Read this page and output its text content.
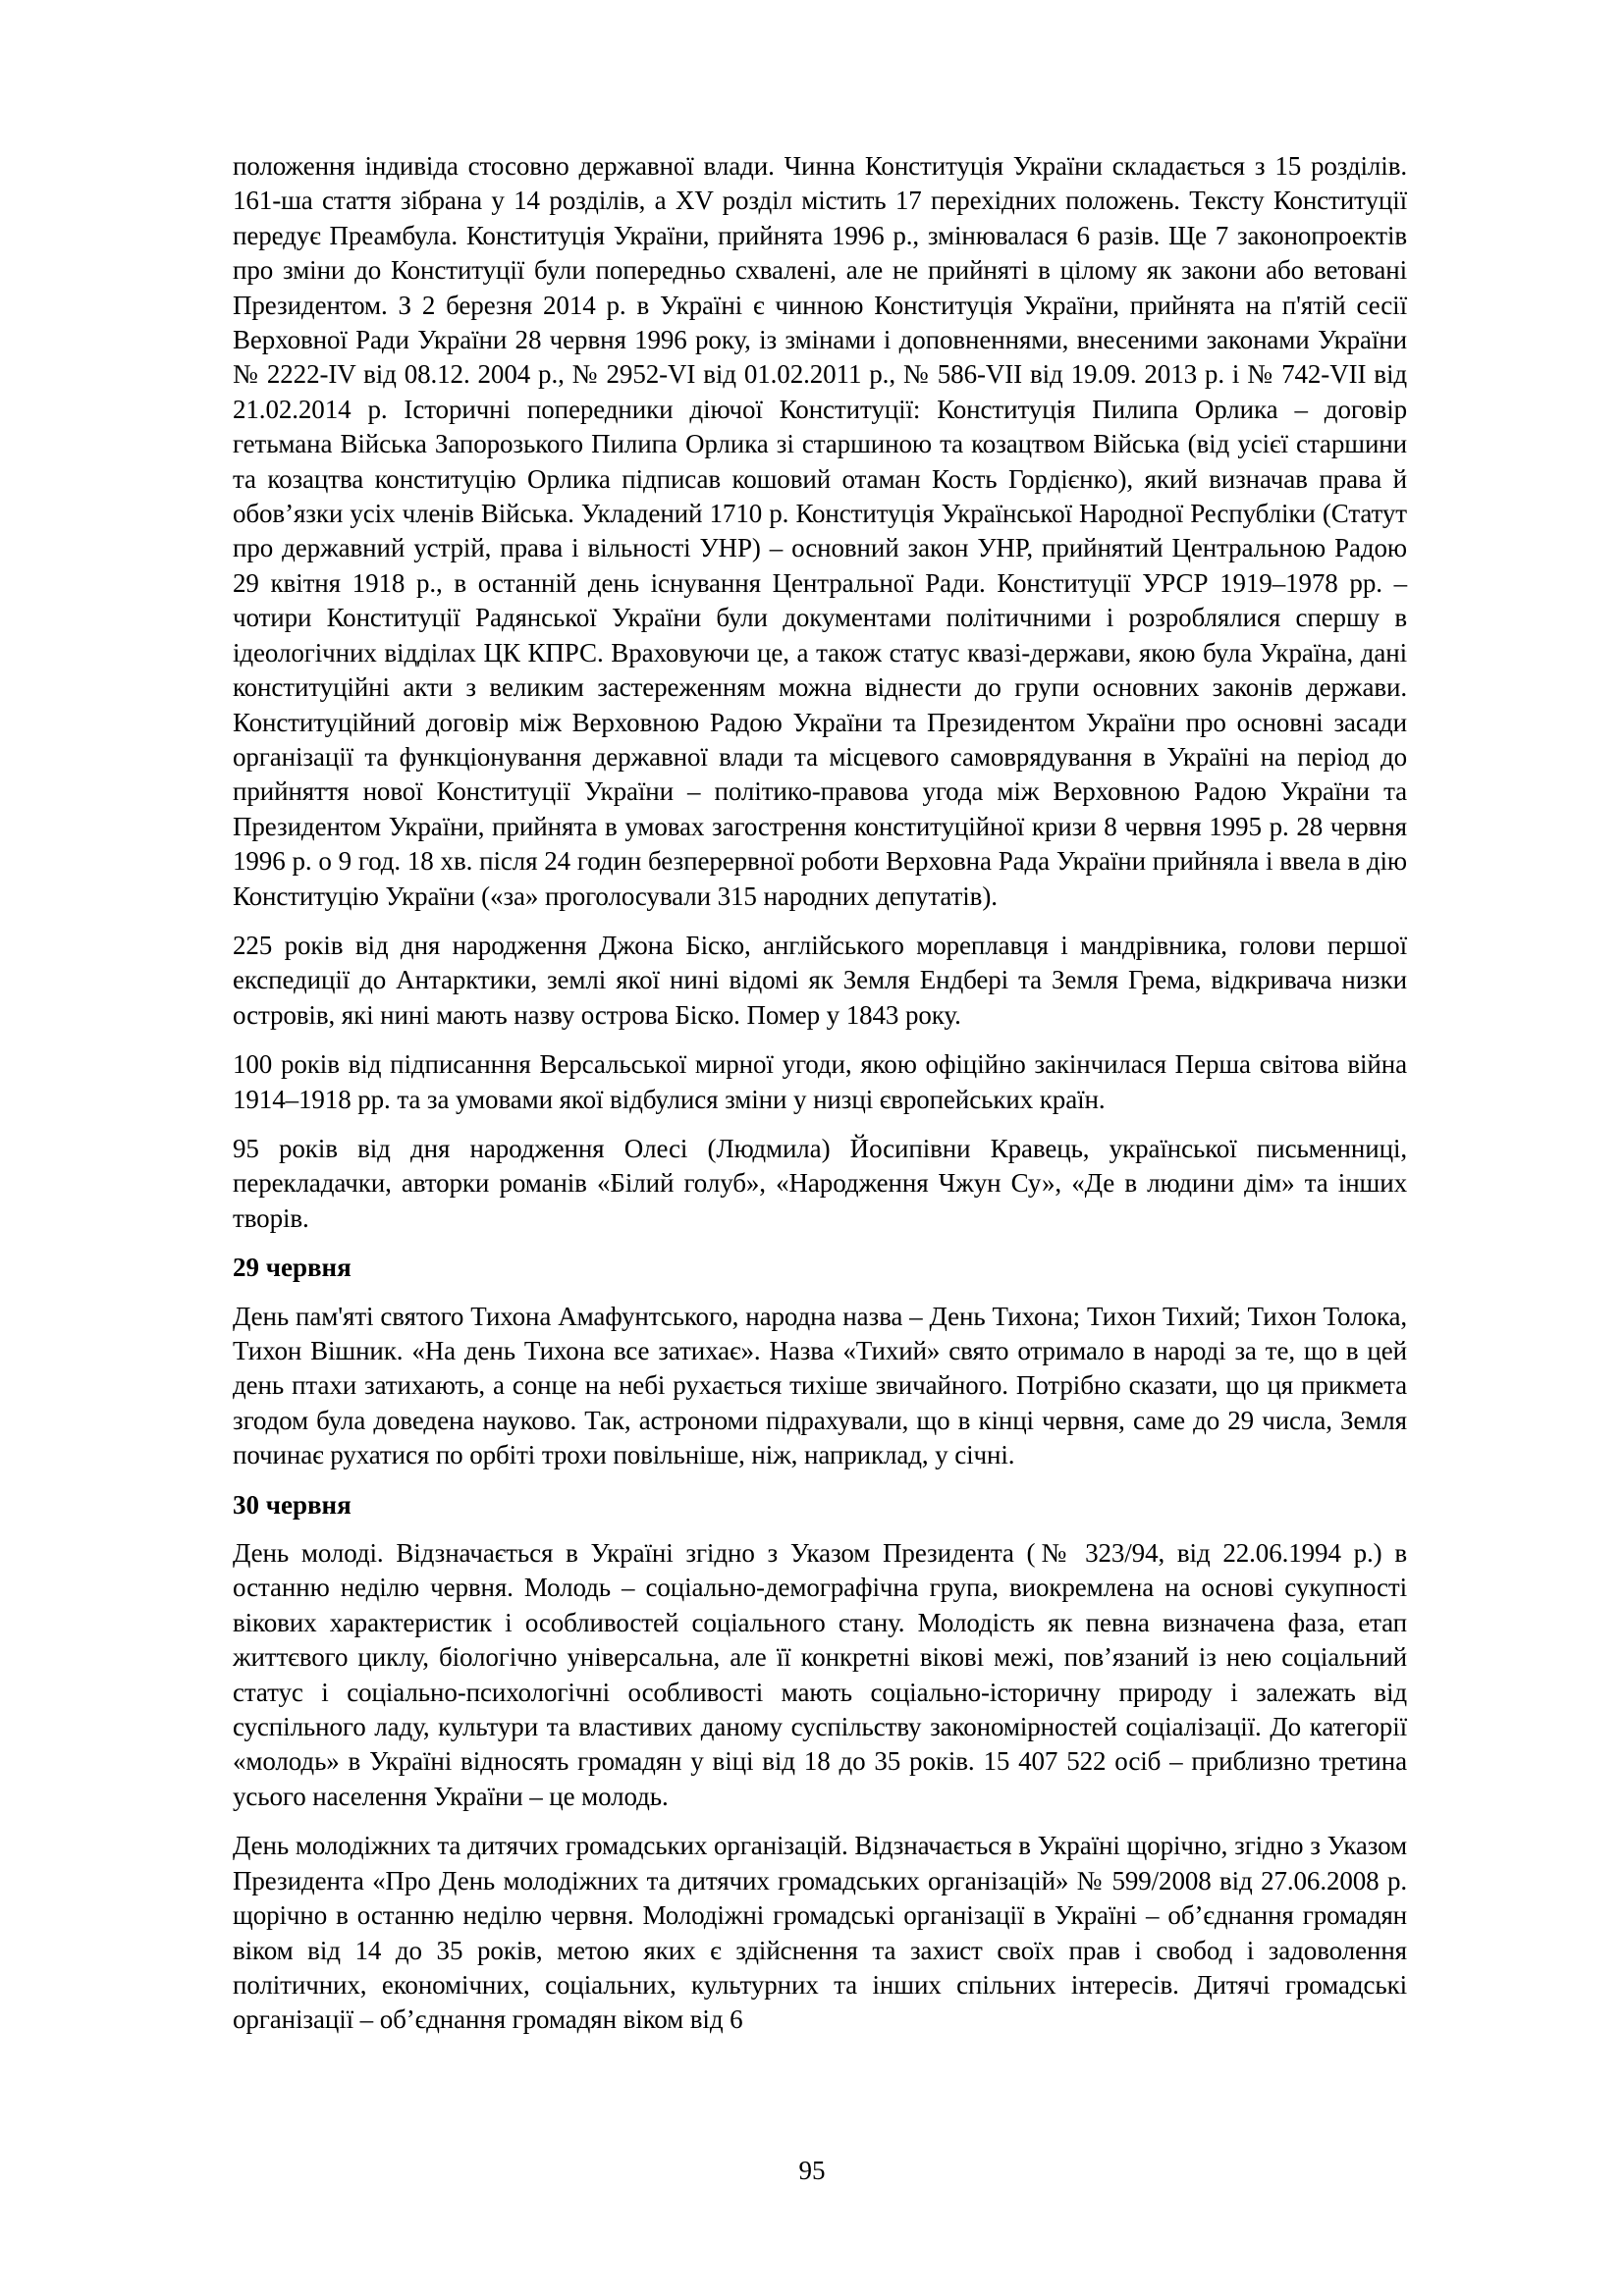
положення індивіда стосовно державної влади. Чинна Конституція України складається з 15 розділів. 161-ша стаття зібрана у 14 розділів, а XV розділ містить 17 перехідних положень. Тексту Конституції передує Преамбула. Конституція України, прийнята 1996 р., змінювалася 6 разів. Ще 7 законопроектів про зміни до Конституції були попередньо схвалені, але не прийняті в цілому як закони або ветовані Президентом. З 2 березня 2014 р. в Україні є чинною Конституція України, прийнята на п'ятій сесії Верховної Ради України 28 червня 1996 року, із змінами і доповненнями, внесеними законами України № 2222-IV від 08.12. 2004 р., № 2952-VI від 01.02.2011 р., № 586-VII від 19.09. 2013 р. і № 742-VII від 21.02.2014 р. Історичні попередники діючої Конституції: Конституція Пилипа Орлика – договір гетьмана Війська Запорозького Пилипа Орлика зі старшиною та козацтвом Війська (від усієї старшини та козацтва конституцію Орлика підписав кошовий отаман Кость Гордієнко), який визначав права й обов’язки усіх членів Війська. Укладений 1710 р. Конституція Української Народної Республіки (Статут про державний устрій, права і вільності УНР) – основний закон УНР, прийнятий Центральною Радою 29 квітня 1918 р., в останній день існування Центральної Ради. Конституції УРСР 1919–1978 рр. – чотири Конституції Радянської України були документами політичними і розроблялися спершу в ідеологічних відділах ЦК КПРС. Враховуючи це, а також статус квазі-держави, якою була Україна, дані конституційні акти з великим застереженням можна віднести до групи основних законів держави. Конституційний договір між Верховною Радою України та Президентом України про основні засади організації та функціонування державної влади та місцевого самоврядування в Україні на період до прийняття нової Конституції України – політико-правова угода між Верховною Радою України та Президентом України, прийнята в умовах загострення конституційної кризи 8 червня 1995 р. 28 червня 1996 р. о 9 год. 18 хв. після 24 годин безперервної роботи Верховна Рада України прийняла і ввела в дію Конституцію України («за» проголосували 315 народних депутатів).

225 років від дня народження Джона Біско, англійського мореплавця і мандрівника, голови першої експедиції до Антарктики, землі якої нині відомі як Земля Ендбері та Земля Грема, відкривача низки островів, які нині мають назву острова Біско. Помер у 1843 року.

100 років від підписанння Версальської мирної угоди, якою офіційно закінчилася Перша світова війна 1914–1918 рр. та за умовами якої відбулися зміни у низці європейських країн.

95 років від дня народження Олесі (Людмила) Йосипівни Кравець, української письменниці, перекладачки, авторки романів «Білий голуб», «Народження Чжун Су», «Де в людини дім» та інших творів.

29 червня

День пам'яті святого Тихона Амафунтського, народна назва – День Тихона; Тихон Тихий; Тихон Толока, Тихон Вішник. «На день Тихона все затихає». Назва «Тихий» свято отримало в народі за те, що в цей день птахи затихають, а сонце на небі рухається тихіше звичайного. Потрібно сказати, що ця прикмета згодом була доведена науково. Так, астрономи підрахували, що в кінці червня, саме до 29 числа, Земля починає рухатися по орбіті трохи повільніше, ніж, наприклад, у січні.

30 червня

День молоді. Відзначається в Україні згідно з Указом Президента (№ 323/94, від 22.06.1994 р.) в останню неділю червня. Молодь – соціально-демографічна група, виокремлена на основі сукупності вікових характеристик і особливостей соціального стану. Молодість як певна визначена фаза, етап життєвого циклу, біологічно універсальна, але її конкретні вікові межі, пов’язаний із нею соціальний статус і соціально-психологічні особливості мають соціально-історичну природу і залежать від суспільного ладу, культури та властивих даному суспільству закономірностей соціалізації. До категорії «молодь» в Україні відносять громадян у віці від 18 до 35 років. 15 407 522 осіб – приблизно третина усього населення України – це молодь.

День молодіжних та дитячих громадських організацій. Відзначається в Україні щорічно, згідно з Указом Президента «Про День молодіжних та дитячих громадських організацій» № 599/2008 від 27.06.2008 р. щорічно в останню неділю червня. Молодіжні громадські організації в Україні – об’єднання громадян віком від 14 до 35 років, метою яких є здійснення та захист своїх прав і свобод і задоволення політичних, економічних, соціальних, культурних та інших спільних інтересів. Дитячі громадські організації – об’єднання громадян віком від 6

95
